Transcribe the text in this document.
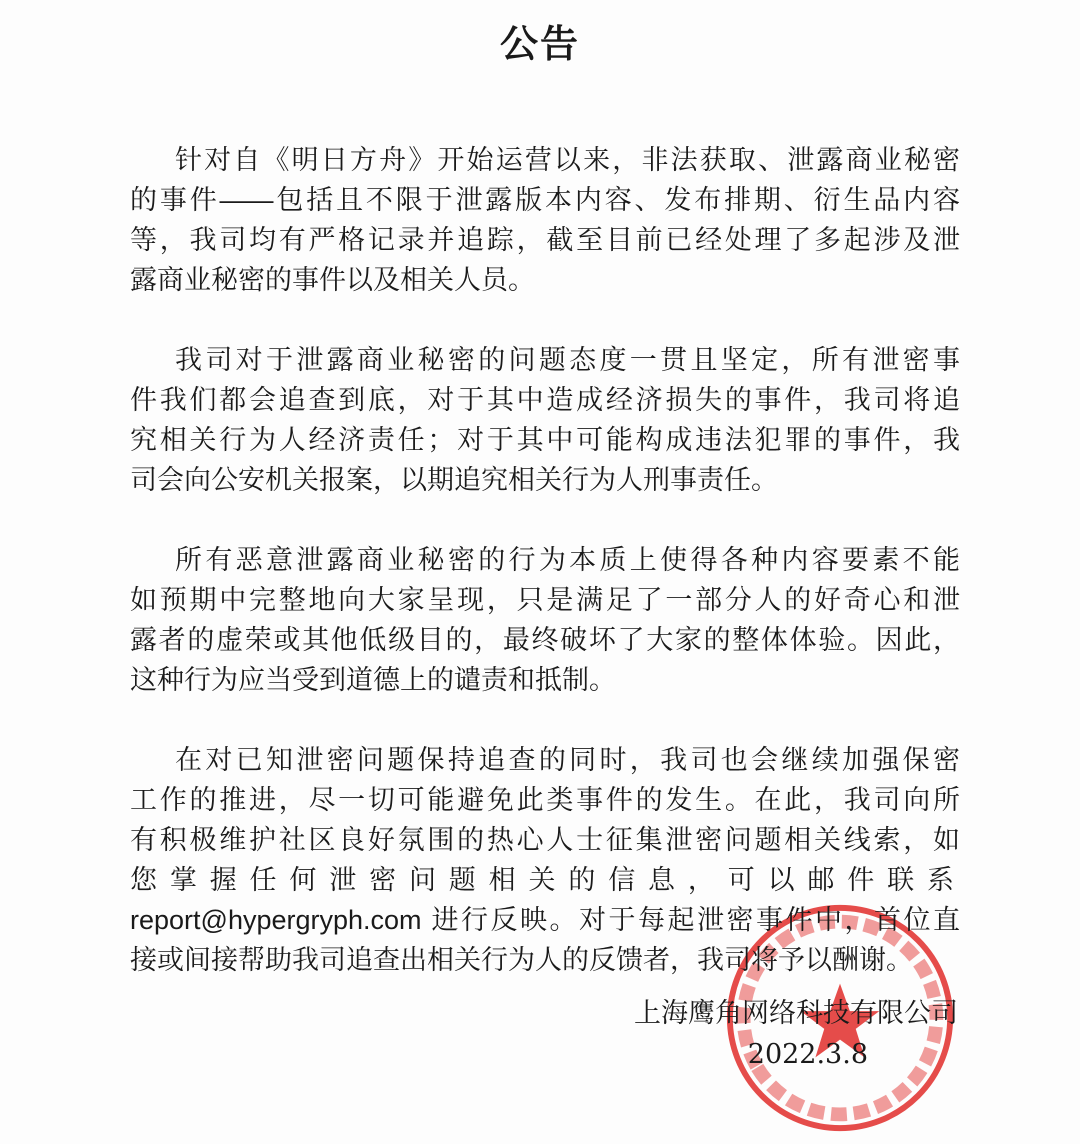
公告
针对自《明日方舟》开始运营以来，非法获取、泄露商业秘密
的事件——包括且不限于泄露版本内容、发布排期、衍生品内容
等，我司均有严格记录并追踪，截至目前已经处理了多起涉及泄
露商业秘密的事件以及相关人员。
我司对于泄露商业秘密的问题态度一贯且坚定，所有泄密事
件我们都会追查到底，对于其中造成经济损失的事件，我司将追
究相关行为人经济责任；对于其中可能构成违法犯罪的事件，我
司会向公安机关报案，以期追究相关行为人刑事责任。
所有恶意泄露商业秘密的行为本质上使得各种内容要素不能
如预期中完整地向大家呈现，只是满足了一部分人的好奇心和泄
露者的虚荣或其他低级目的，最终破坏了大家的整体体验。因此，
这种行为应当受到道德上的谴责和抵制。
在对已知泄密问题保持追查的同时，我司也会继续加强保密
工作的推进，尽一切可能避免此类事件的发生。在此，我司向所
有积极维护社区良好氛围的热心人士征集泄密问题相关线索，如
您掌握任何泄密问题相关的信息，可以邮件联系
report@hypergryph.com 进行反映。对于每起泄密事件中，首位直
接或间接帮助我司追查出相关行为人的反馈者，我司将予以酬谢。
上海鹰角网络科技有限公司
2022.3.8
